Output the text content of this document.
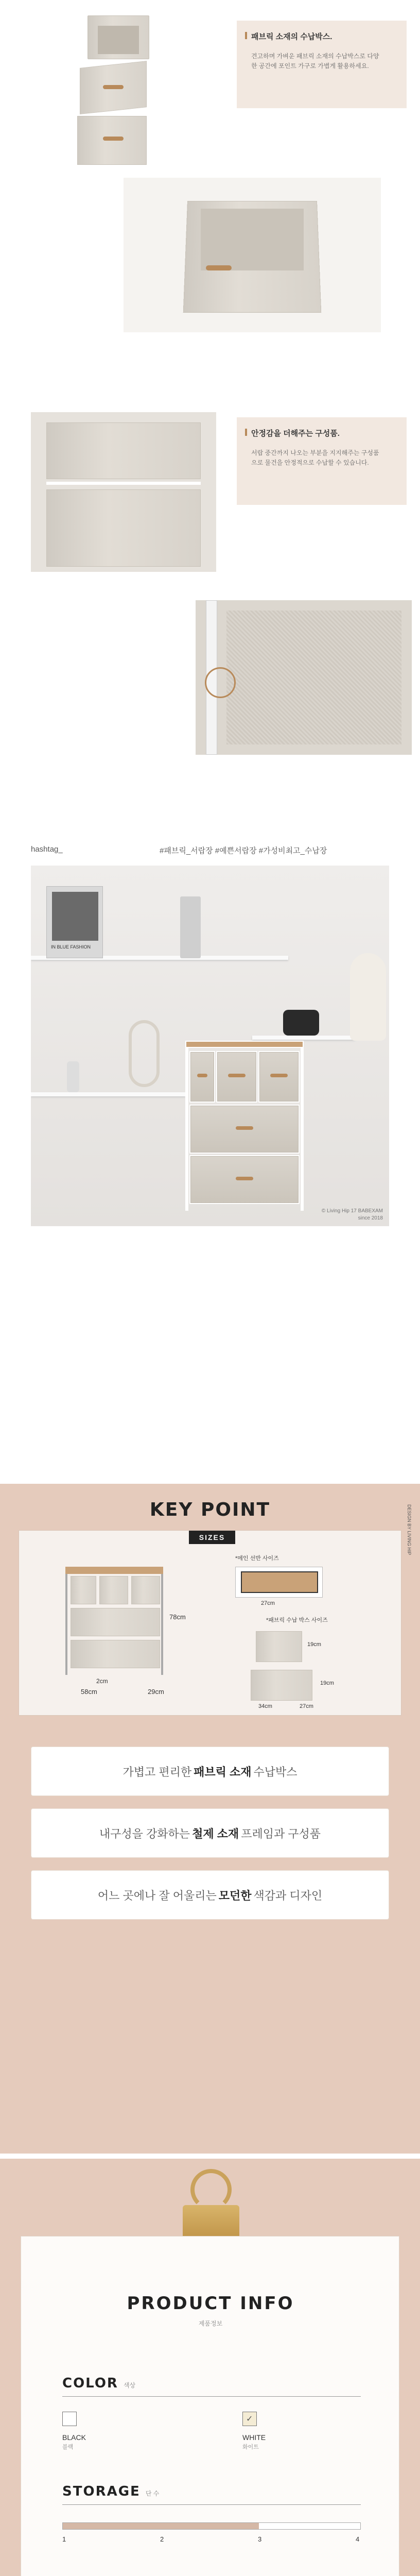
패브릭 소재의 수납박스.
견고하며 가벼운 패브릭 소재의 수납박스로 다양한 공간에 포인트 가구로 가볍게 활용하세요.
안정감을 더해주는 구성품.
서랍 중간까지 나오는 부분을 지지해주는 구성품으로 물건을 안정적으로 수납할 수 있습니다.
hashtag_	#패브릭_서랍장 #예쁜서랍장 #가성비최고_수납장
IN BLUE FASHION
© Living Hip 17 BABEXAM
since 2018
KEY POINT	DESIGN BY LIVING HIP
SIZES
78cm
2cm
58cm	29cm
*메인 선반 사이즈
27cm
*패브릭 수납 박스 사이즈
19cm
19cm
34cm	27cm
가볍고 편리한 패브릭 소재 수납박스
내구성을 강화하는 철제 소재 프레임과 구성품
어느 곳에나 잘 어울리는 모던한 색감과 디자인
PRODUCT INFO
제품정보
COLOR 색상
BLACK
블랙
✓
WHITE
화이트
STORAGE 단 수
1	2	3	4
